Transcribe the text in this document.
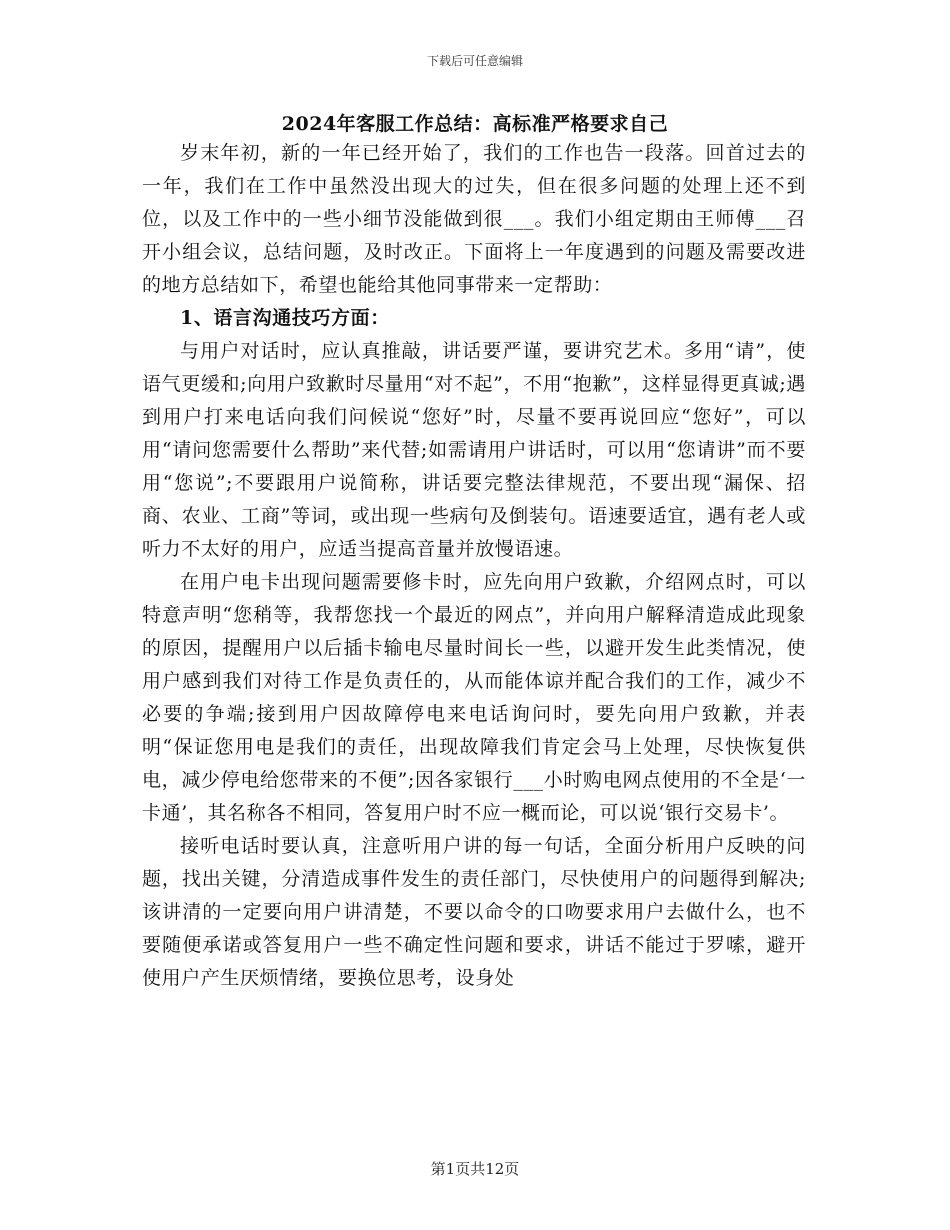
下载后可任意编辑
2024年客服工作总结：高标准严格要求自己

岁末年初，新的一年已经开始了，我们的工作也告一段落。回首过去的一年，我们在工作中虽然没出现大的过失，但在很多问题的处理上还不到位，以及工作中的一些小细节没能做到很___。我们小组定期由王师傅___召开小组会议，总结问题，及时改正。下面将上一年度遇到的问题及需要改进的地方总结如下，希望也能给其他同事带来一定帮助：

1、语言沟通技巧方面：

与用户对话时，应认真推敲，讲话要严谨，要讲究艺术。多用“请”，使语气更缓和;向用户致歉时尽量用“对不起”，不用“抱歉”，这样显得更真诚;遇到用户打来电话向我们问候说“您好”时，尽量不要再说回应“您好”，可以用“请问您需要什么帮助”来代替;如需请用户讲话时，可以用“您请讲”而不要用“您说”;不要跟用户说简称，讲话要完整法律规范，不要出现“漏保、招商、农业、工商”等词，或出现一些病句及倒装句。语速要适宜，遇有老人或听力不太好的用户，应适当提高音量并放慢语速。

在用户电卡出现问题需要修卡时，应先向用户致歉，介绍网点时，可以特意声明“您稍等，我帮您找一个最近的网点”，并向用户解释清造成此现象的原因，提醒用户以后插卡输电尽量时间长一些，以避开发生此类情况，使用户感到我们对待工作是负责任的，从而能体谅并配合我们的工作，减少不必要的争端;接到用户因故障停电来电话询问时，要先向用户致歉，并表明“保证您用电是我们的责任，出现故障我们肯定会马上处理，尽快恢复供电，减少停电给您带来的不便”;因各家银行___小时购电网点使用的不全是‘一卡通’，其名称各不相同，答复用户时不应一概而论，可以说‘银行交易卡’。

接听电话时要认真，注意听用户讲的每一句话，全面分析用户反映的问题，找出关键，分清造成事件发生的责任部门，尽快使用户的问题得到解决;该讲清的一定要向用户讲清楚，不要以命令的口吻要求用户去做什么，也不要随便承诺或答复用户一些不确定性问题和要求，讲话不能过于罗嗦，避开使用户产生厌烦情绪，要换位思考，设身处

第1页共12页
